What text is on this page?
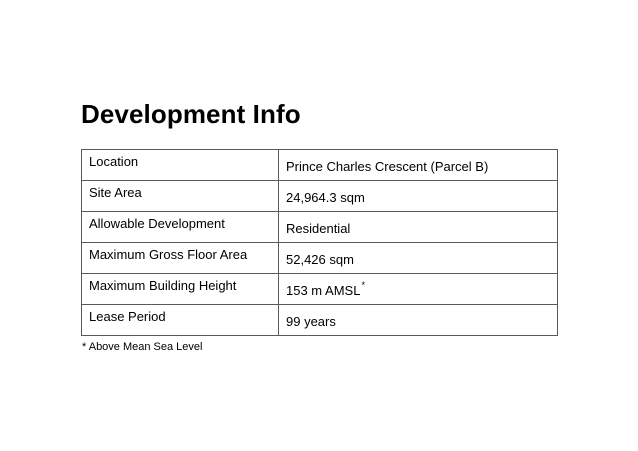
Development Info
Location	Prince Charles Crescent (Parcel B)
Site Area	24,964.3 sqm
Allowable Development	Residential
Maximum Gross Floor Area	52,426 sqm
Maximum Building Height	153 m AMSL*
Lease Period	99 years
* Above Mean Sea Level
